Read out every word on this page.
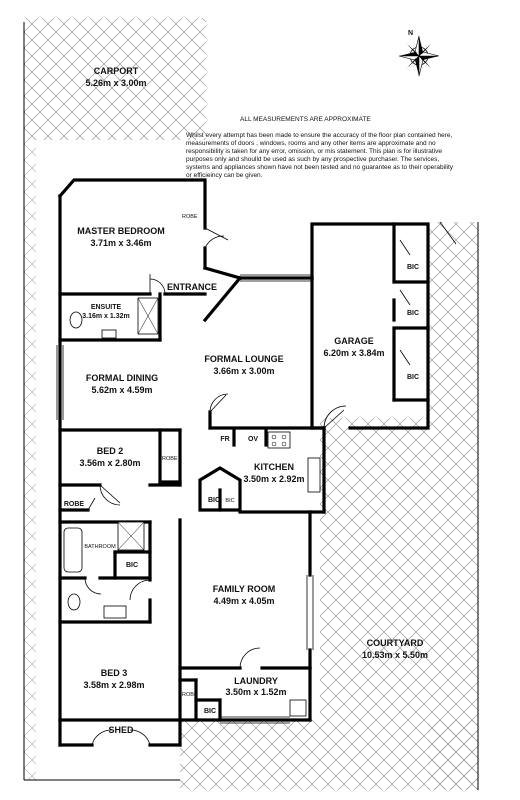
N
ALL MEASUREMENTS ARE APPROXIMATE
Whilst every attempt has been made to ensure the accuracy of the floor plan contained here,
measurements of doors , windows, rooms and any other items are approximate and no
responsibility is taken for any error, omission, or mis statement. This plan is for illustrative
purposes only and shoulld be used as such by any prospective purchaser. The services,
systems and appliances shown have not been tested and no guarantee as to their operability
or efficieincy can be given.
CARPORT
5.26m x 3.00m
MASTER BEDROOM
3.71m x 3.46m
ROBE
ENTRANCE
ENSUITE
3.16m x 1.32m
FORMAL LOUNGE
3.66m x 3.00m
FORMAL DINING
5.62m x 4.59m
GARAGE
6.20m x 3.84m
BIC
BIC
BIC
FR	OV
BED 2
3.56m x 2.80m	ROBE
KITCHEN
3.50m x 2.92m
BIC BIC
ROBE
BATHROOM
BIC
FAMILY ROOM
4.49m x 4.05m
COURTYARD
10.53m x 5.50m
BED 3
3.58m x 2.98m
ROBE
LAUNDRY
3.50m x 1.52m
BIC
SHED
